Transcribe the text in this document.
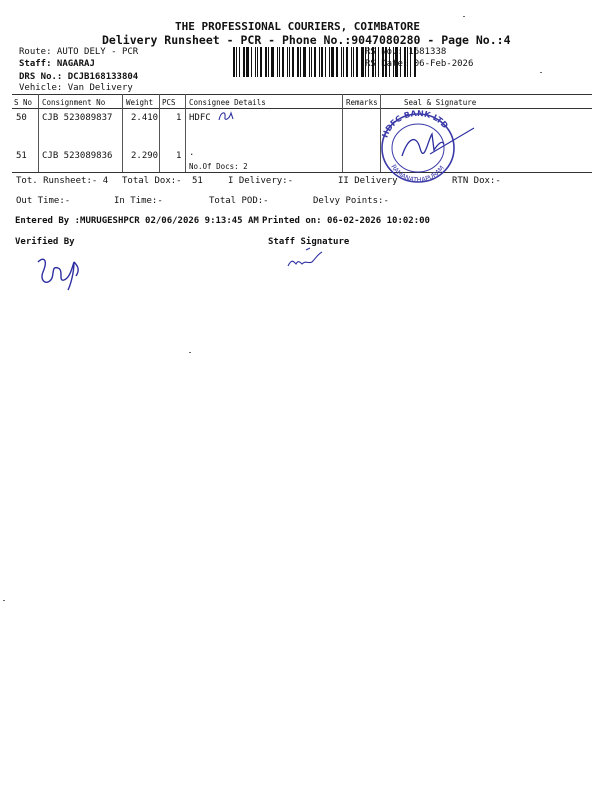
THE PROFESSIONAL COURIERS, COIMBATORE
Delivery Runsheet - PCR - Phone No.:9047080280 - Page No.:4
Route: AUTO DELY - PCR
Staff: NAGARAJ
DRS No.: DCJB168133804
Vehicle: Van Delivery
RS No.: 1681338
RS Date: 06-Feb-2026
S No Consignment No	Weight PCS Consignee Details	Remarks	Seal & Signature
50 CJB 523089837 2.410 1 HDFC
51 CJB 523089836 2.290 1 .
No.Of Docs: 2
HDFC BANK LTD
RAMANATHAPURAM
Tot. Runsheet:- 4 Total Dox:- 51	I Delivery:-	II Delivery	RTN Dox:-
Out Time:-	In Time:-	Total POD:-	Delvy Points:-
Entered By :MURUGESHPCR 02/06/2026 9:13:45 AM Printed on: 06-02-2026 10:02:00
Verified By	Staff Signature
